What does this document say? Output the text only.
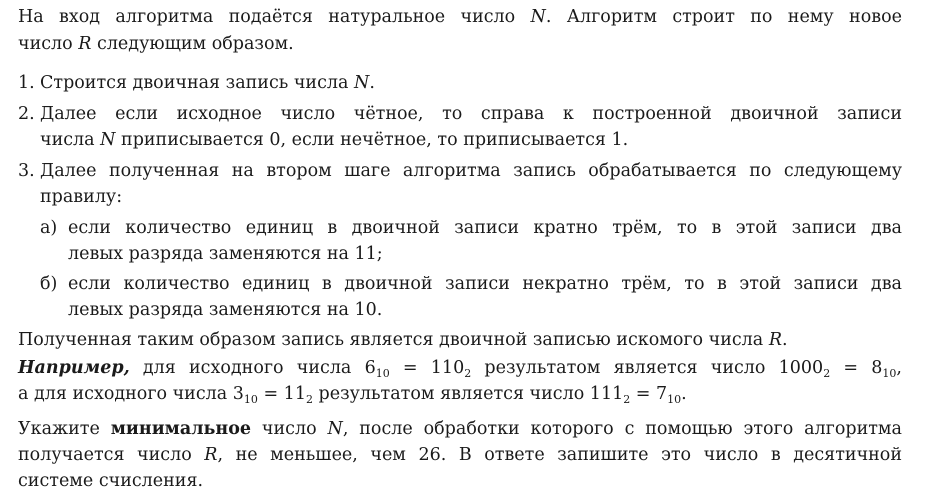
На вход алгоритма подаётся натуральное число N. Алгоритм строит по нему новое
число R следующим образом.
1. Строится двоичная запись числа N.
2. Далее если исходное число чётное, то справа к построенной двоичной записи
числа N приписывается 0, если нечётное, то приписывается 1.
3. Далее полученная на втором шаге алгоритма запись обрабатывается по следующему
правилу:
а) если количество единиц в двоичной записи кратно трём, то в этой записи два
левых разряда заменяются на 11;
б) если количество единиц в двоичной записи некратно трём, то в этой записи два
левых разряда заменяются на 10.
Полученная таким образом запись является двоичной записью искомого числа R.
Например, для исходного числа $6_{10} = 110_2$ результатом является число $1000_2 = 8_{10}$,
а для исходного числа $3_{10} = 11_2$ результатом является число $111_2 = 7_{10}$.
Укажите минимальное число N, после обработки которого с помощью этого алгоритма
получается число R, не меньшее, чем 26. В ответе запишите это число в десятичной
системе счисления.
